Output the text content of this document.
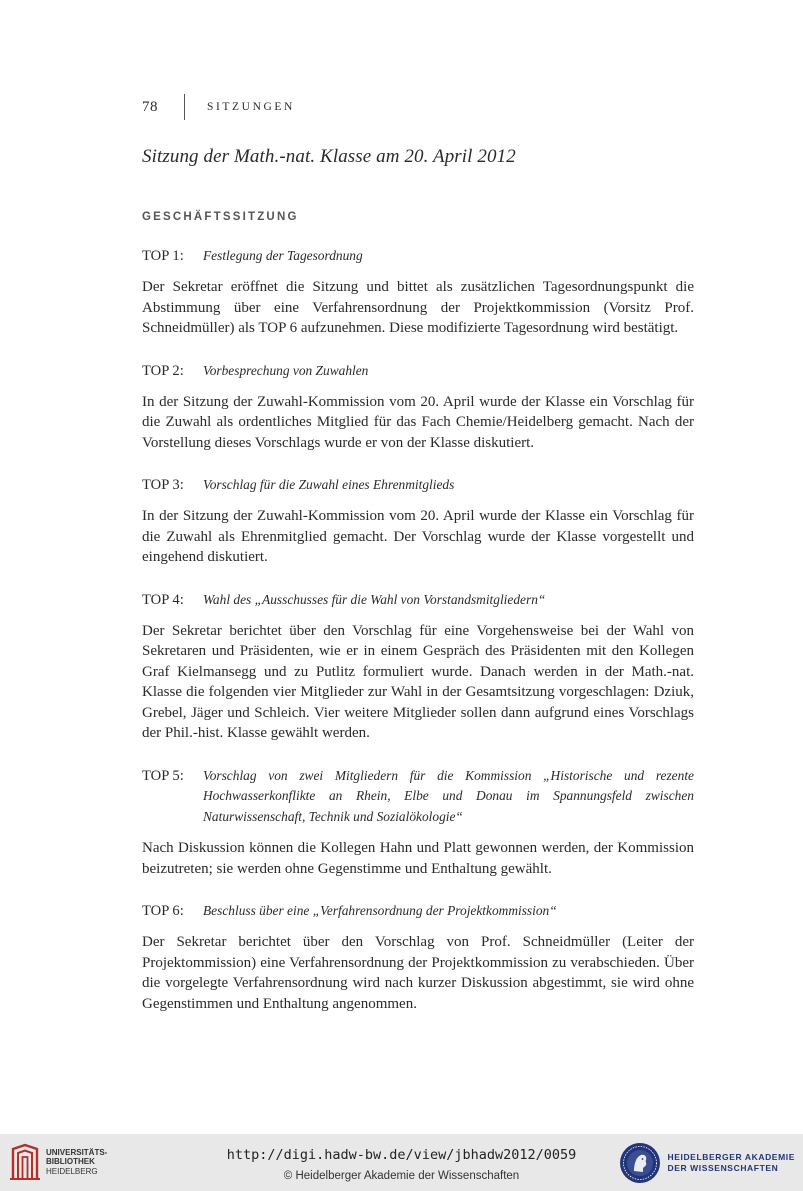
78	SITZUNGEN
Sitzung der Math.-nat. Klasse am 20. April 2012
GESCHÄFTSSITZUNG
TOP 1:	Festlegung der Tagesordnung

Der Sekretar eröffnet die Sitzung und bittet als zusätzlichen Tagesordnungspunkt die Abstimmung über eine Verfahrensordnung der Projektkommission (Vorsitz Prof. Schneidmüller) als TOP 6 aufzunehmen. Diese modifizierte Tagesordnung wird bestätigt.

TOP 2:	Vorbesprechung von Zuwahlen

In der Sitzung der Zuwahl-Kommission vom 20. April wurde der Klasse ein Vorschlag für die Zuwahl als ordentliches Mitglied für das Fach Chemie/Heidelberg gemacht. Nach der Vorstellung dieses Vorschlags wurde er von der Klasse diskutiert.

TOP 3:	Vorschlag für die Zuwahl eines Ehrenmitglieds

In der Sitzung der Zuwahl-Kommission vom 20. April wurde der Klasse ein Vorschlag für die Zuwahl als Ehrenmitglied gemacht. Der Vorschlag wurde der Klasse vorgestellt und eingehend diskutiert.

TOP 4:	Wahl des „Ausschusses für die Wahl von Vorstandsmitgliedern“

Der Sekretar berichtet über den Vorschlag für eine Vorgehensweise bei der Wahl von Sekretaren und Präsidenten, wie er in einem Gespräch des Präsidenten mit den Kollegen Graf Kielmansegg und zu Putlitz formuliert wurde. Danach werden in der Math.-nat. Klasse die folgenden vier Mitglieder zur Wahl in der Gesamtsitzung vorgeschlagen: Dziuk, Grebel, Jäger und Schleich. Vier weitere Mitglieder sollen dann aufgrund eines Vorschlags der Phil.-hist. Klasse gewählt werden.

TOP 5:	Vorschlag von zwei Mitgliedern für die Kommission „Historische und rezente Hochwasserkonflikte an Rhein, Elbe und Donau im Spannungsfeld zwischen Naturwissenschaft, Technik und Sozialökologie“

Nach Diskussion können die Kollegen Hahn und Platt gewonnen werden, der Kommission beizutreten; sie werden ohne Gegenstimme und Enthaltung gewählt.

TOP 6:	Beschluss über eine „Verfahrensordnung der Projektkommission“

Der Sekretar berichtet über den Vorschlag von Prof. Schneidmüller (Leiter der Projektommission) eine Verfahrensordnung der Projektkommission zu verabschieden. Über die vorgelegte Verfahrensordnung wird nach kurzer Diskussion abgestimmt, sie wird ohne Gegenstimmen und Enthaltung angenommen.

UNIVERSITÄTS-
BIBLIOTHEK
HEIDELBERG
http://digi.hadw-bw.de/view/jbhadw2012/0059
© Heidelberger Akademie der Wissenschaften
HEIDELBERGER AKADEMIE
DER WISSENSCHAFTEN
